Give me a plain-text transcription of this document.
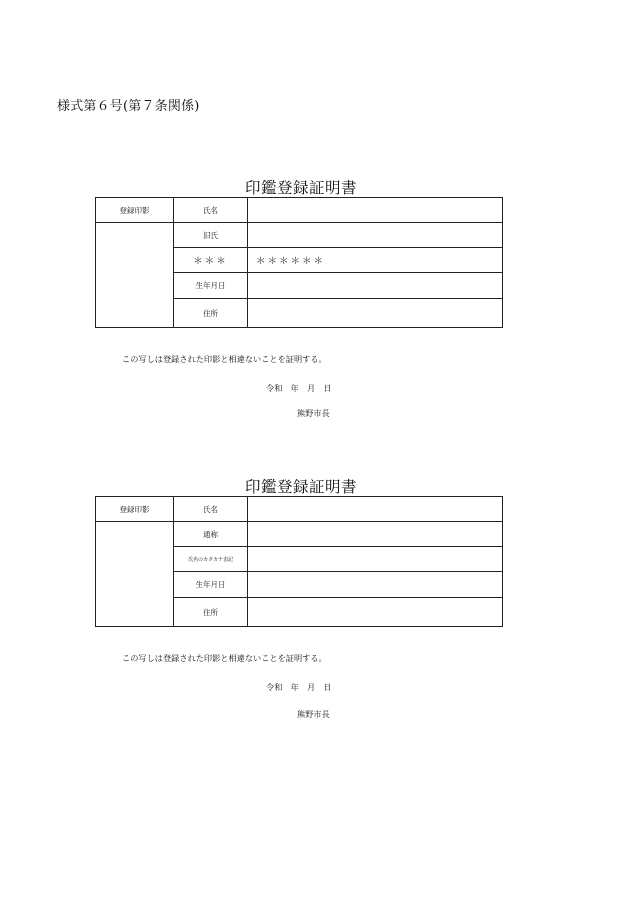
様式第６号(第７条関係)
印鑑登録証明書
登録印影	氏名	
	旧氏	
	＊＊＊	＊＊＊＊＊＊
	生年月日	
	住所	
この写しは登録された印影と相違ないことを証明する。
令和　年　月　日
熊野市長
印鑑登録証明書
登録印影	氏名	
	通称	
	氏名のカタカナ表記	
	生年月日	
	住所	
この写しは登録された印影と相違ないことを証明する。
令和　年　月　日
熊野市長
